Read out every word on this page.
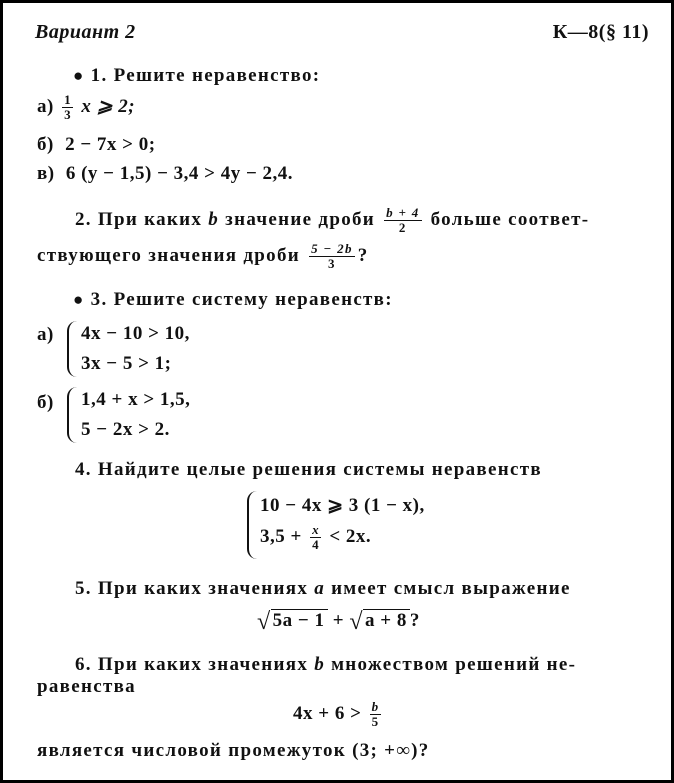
Вариант 2	К—8(§ 11)
● 1. Решите неравенство:
$а) \frac{1}{3}$ x ⩾ 2;
б) 2 − 7x > 0;
в) 6 (y − 1,5) − 3,4 > 4y − 2,4.
2. При каких b значение дроби $\frac{b + 4}{2}$ больше соответ-
ствующего значения дроби $\frac{5 - 2b}{3}$ ?
● 3. Решите систему неравенств:
а) 4x − 10 > 10,
3x − 5 > 1;
б) 1,4 + x > 1,5,
5 − 2x > 2.
4. Найдите целые решения системы неравенств
10 − 4x ⩾ 3 (1 − x),
$3,5 + \frac{x}{4} < 2x$.
5. При каких значениях a имеет смысл выражение
√ 5a − 1 + √ a + 8 ?
6. При каких значениях b множеством решений не-
равенства
$4x + 6 > \frac{b}{5}$
является числовой промежуток (3; +∞)?
